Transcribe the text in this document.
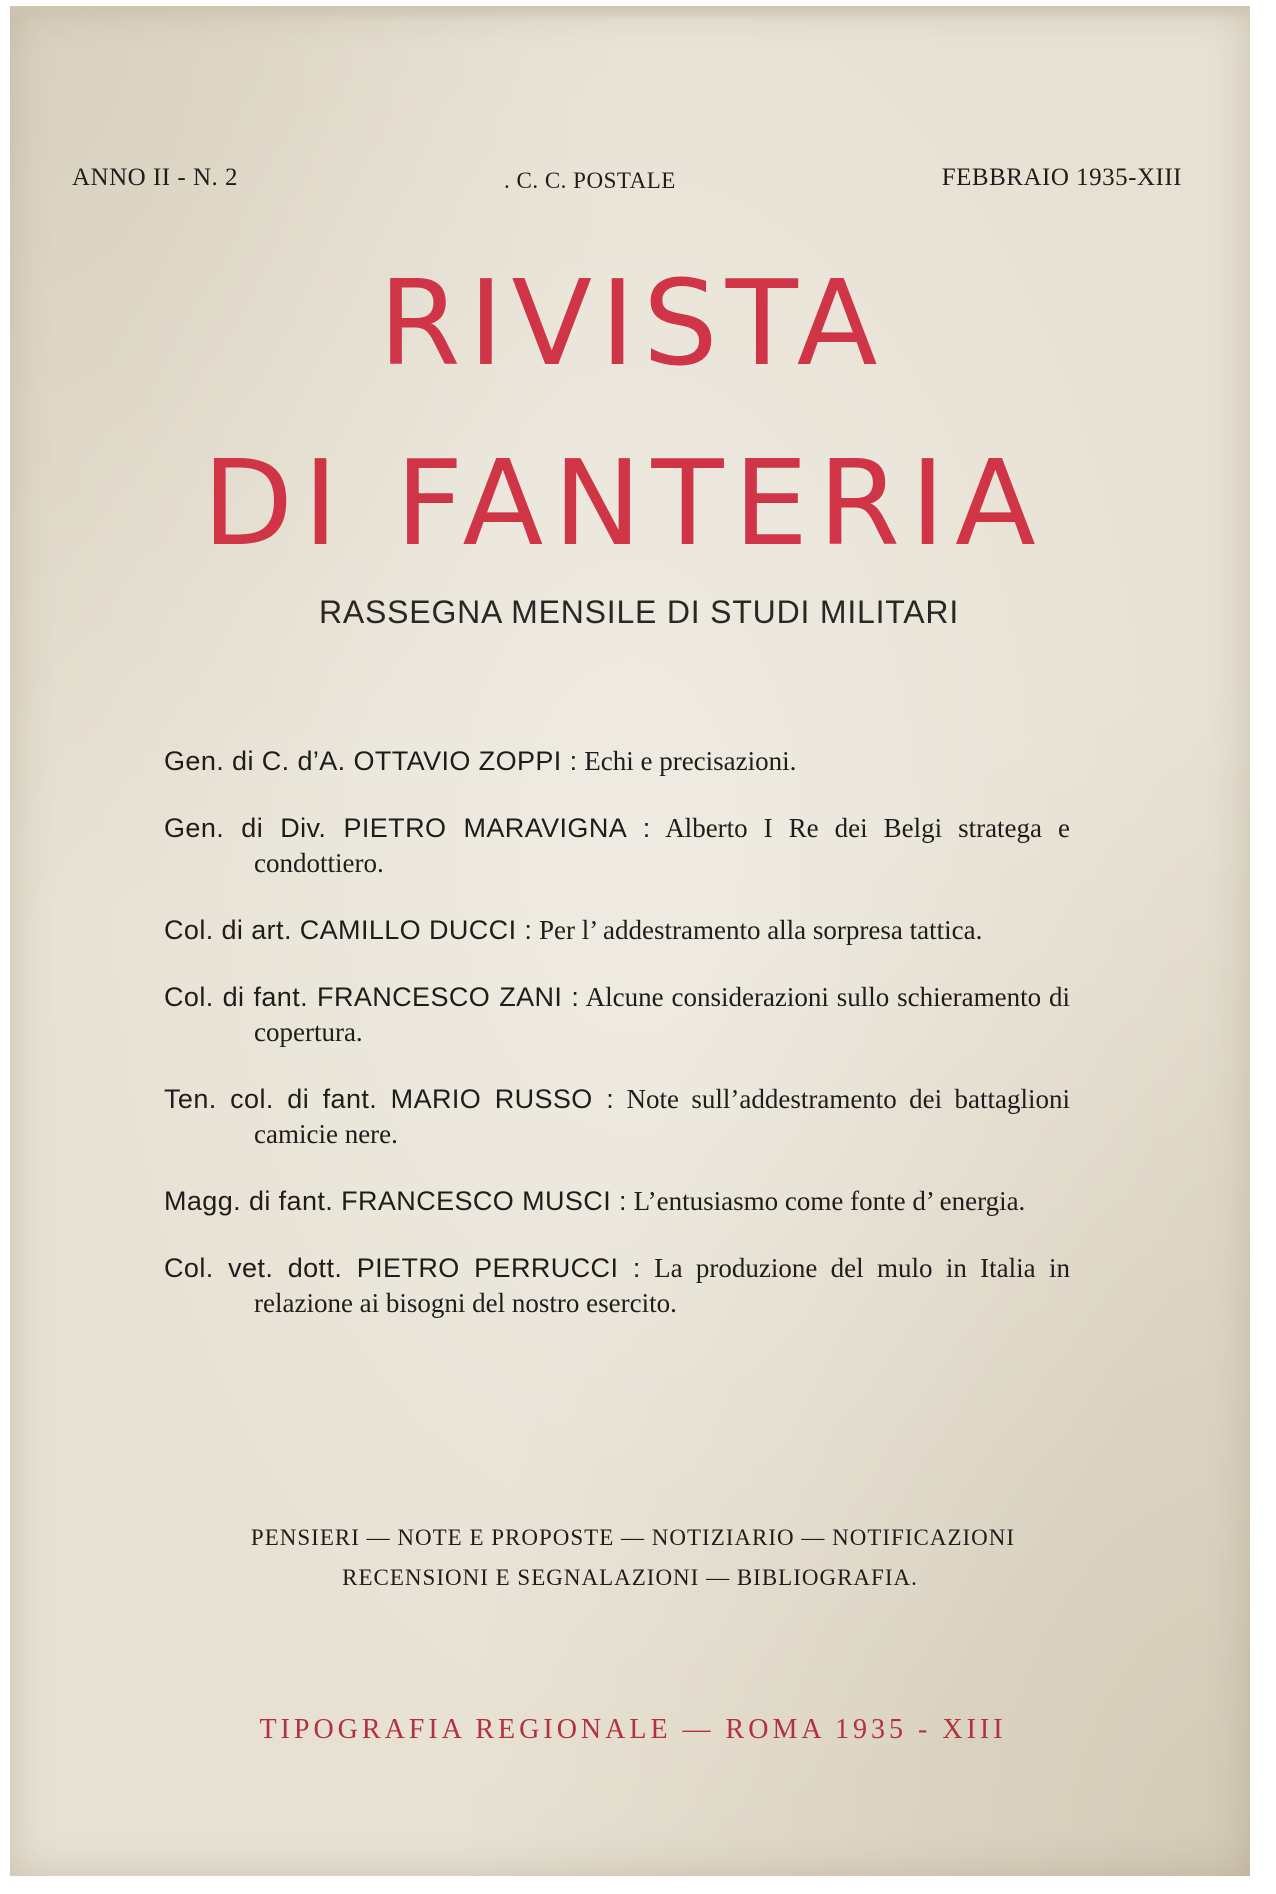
ANNO II - N. 2	. C. C. POSTALE	FEBBRAIO 1935-XIII
RIVISTA
DI FANTERIA
RASSEGNA MENSILE DI STUDI MILITARI
Gen. di C. d’A. OTTAVIO ZOPPI : Echi e precisazioni.
Gen. di Div. PIETRO MARAVIGNA : Alberto I Re dei Belgi stratega e condottiero.
Col. di art. CAMILLO DUCCI : Per l’ addestramento alla sorpresa tattica.
Col. di fant. FRANCESCO ZANI : Alcune considerazioni sullo schieramento di copertura.
Ten. col. di fant. MARIO RUSSO : Note sull’addestramento dei battaglioni camicie nere.
Magg. di fant. FRANCESCO MUSCI : L’entusiasmo come fonte d’ energia.
Col. vet. dott. PIETRO PERRUCCI : La produzione del mulo in Italia in relazione ai bisogni del nostro esercito.
PENSIERI — NOTE E PROPOSTE — NOTIZIARIO — NOTIFICAZIONI
RECENSIONI E SEGNALAZIONI — BIBLIOGRAFIA.
TIPOGRAFIA REGIONALE — ROMA 1935 - XIII
